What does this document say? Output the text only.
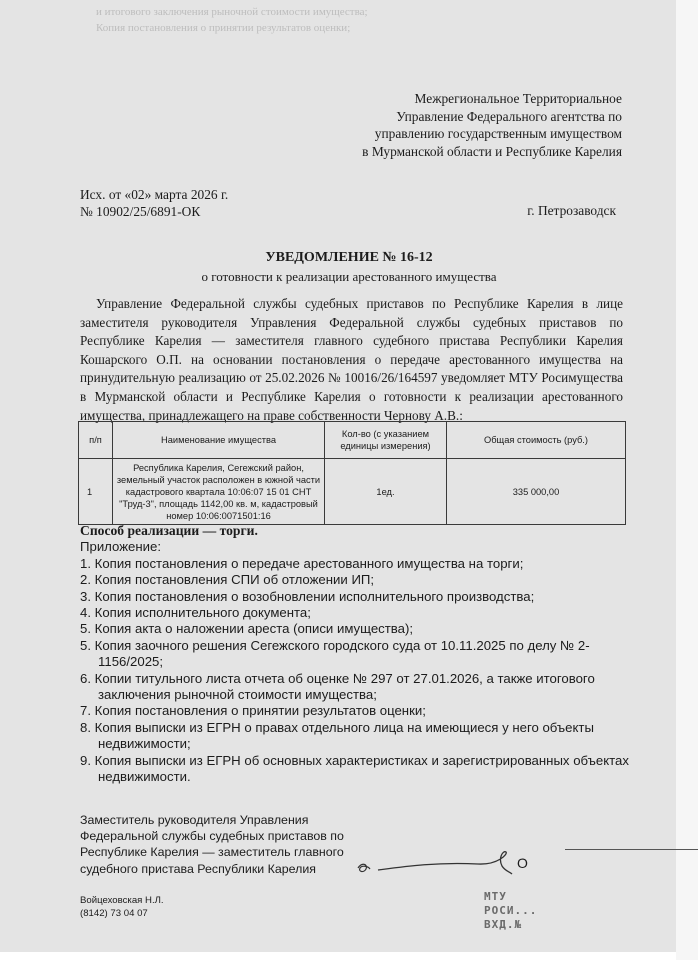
и итогового заключения рыночной стоимости имущества;
Копия постановления о принятии результатов оценки;
Межрегиональное Территориальное
Управление Федерального агентства по
управлению государственным имуществом
в Мурманской области и Республике Карелия
Исх. от «02» марта 2026 г.
№ 10902/25/6891-ОК	г. Петрозаводск
УВЕДОМЛЕНИЕ № 16-12
о готовности к реализации арестованного имущества
Управление Федеральной службы судебных приставов по Республике Карелия в лице заместителя руководителя Управления Федеральной службы судебных приставов по Республике Карелия — заместителя главного судебного пристава Республики Карелия Кошарского О.П. на основании постановления о передаче арестованного имущества на принудительную реализацию от 25.02.2026 № 10016/26/164597 уведомляет МТУ Росимущества в Мурманской области и Республике Карелия о готовности к реализации арестованного имущества, принадлежащего на праве собственности Чернову А.В.:
п/п	Наименование имущества	Кол-во (с указанием единицы измерения)	Общая стоимость (руб.)
1	Республика Карелия, Сегежский район, земельный участок расположен в южной части кадастрового квартала 10:06:07 15 01 СНТ "Труд-3", площадь 1142,00 кв. м, кадастровый номер 10:06:0071501:16	1ед.	335 000,00
Способ реализации — торги.
Приложение:
1. Копия постановления о передаче арестованного имущества на торги;
2. Копия постановления СПИ об отложении ИП;
3. Копия постановления о возобновлении исполнительного производства;
4. Копия исполнительного документа;
5. Копия акта о наложении ареста (описи имущества);
5. Копия заочного решения Сегежского городского суда от 10.11.2025 по делу № 2-1156/2025;
6. Копии титульного листа отчета об оценке № 297 от 27.01.2026, а также итогового заключения рыночной стоимости имущества;
7. Копия постановления о принятии результатов оценки;
8. Копия выписки из ЕГРН о правах отдельного лица на имеющиеся у него объекты недвижимости;
9. Копия выписки из ЕГРН об основных характеристиках и зарегистрированных объектах недвижимости.
Заместитель руководителя Управления
Федеральной службы судебных приставов по
Республике Карелия — заместитель главного
судебного пристава Республики Карелия	О
Войцеховская Н.Л.
(8142) 73 04 07
МТУ
РОСИ...
ВХД.№
